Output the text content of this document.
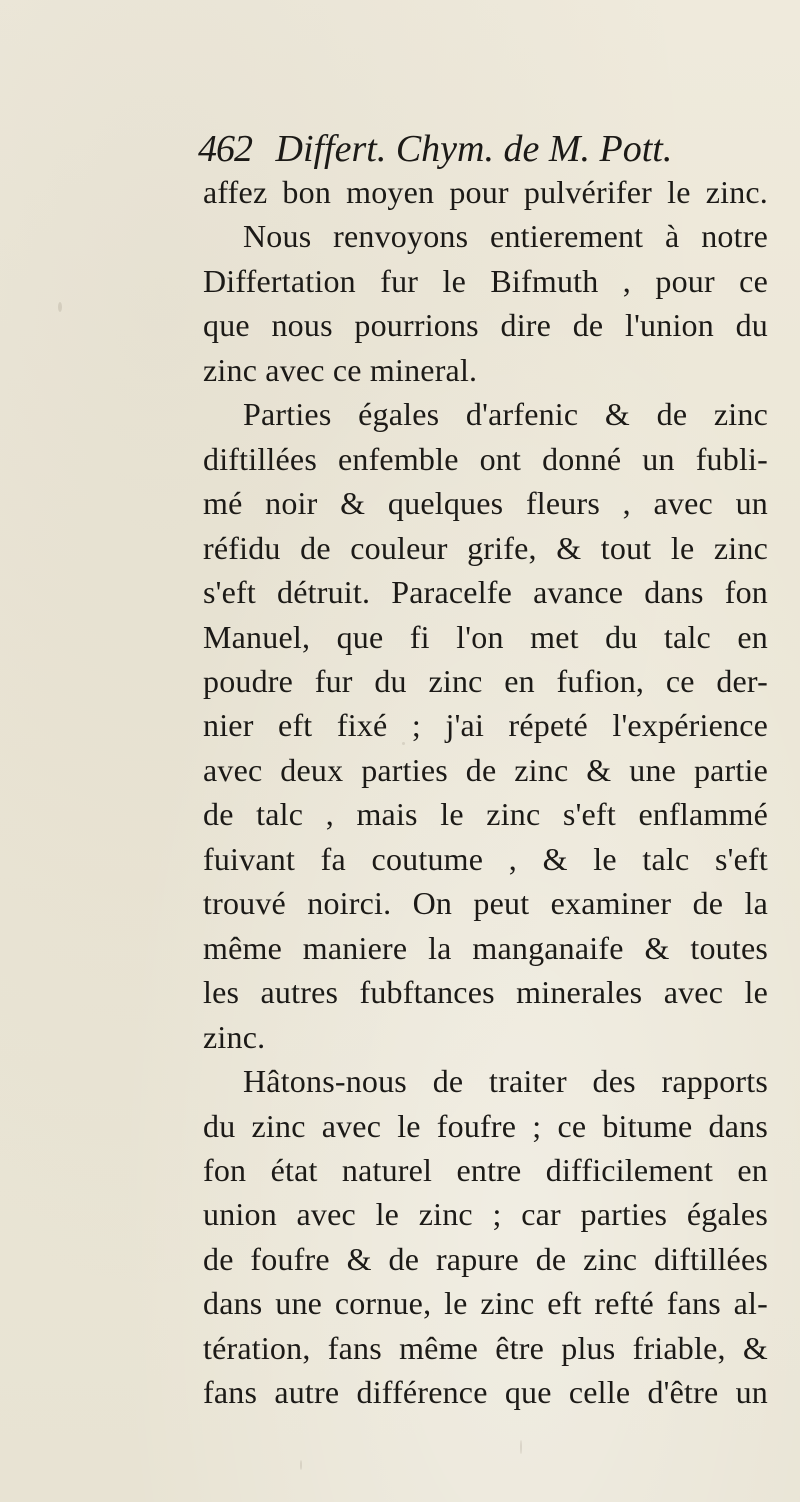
462 Differt. Chym. de M. Pott.
affez bon moyen pour pulvérifer le zinc.
Nous renvoyons entierement à notre
Differtation fur le Bifmuth , pour ce
que nous pourrions dire de l'union du
zinc avec ce mineral.
Parties égales d'arfenic & de zinc
diftillées enfemble ont donné un fubli-
mé noir & quelques fleurs , avec un
réfidu de couleur grife, & tout le zinc
s'eft détruit. Paracelfe avance dans fon
Manuel, que fi l'on met du talc en
poudre fur du zinc en fufion, ce der-
nier eft fixé ; j'ai répeté l'expérience
avec deux parties de zinc & une partie
de talc , mais le zinc s'eft enflammé
fuivant fa coutume , & le talc s'eft
trouvé noirci. On peut examiner de la
même maniere la manganaife & toutes
les autres fubftances minerales avec le
zinc.
Hâtons-nous de traiter des rapports
du zinc avec le foufre ; ce bitume dans
fon état naturel entre difficilement en
union avec le zinc ; car parties égales
de foufre & de rapure de zinc diftillées
dans une cornue, le zinc eft refté fans al-
tération, fans même être plus friable, &
fans autre différence que celle d'être un
